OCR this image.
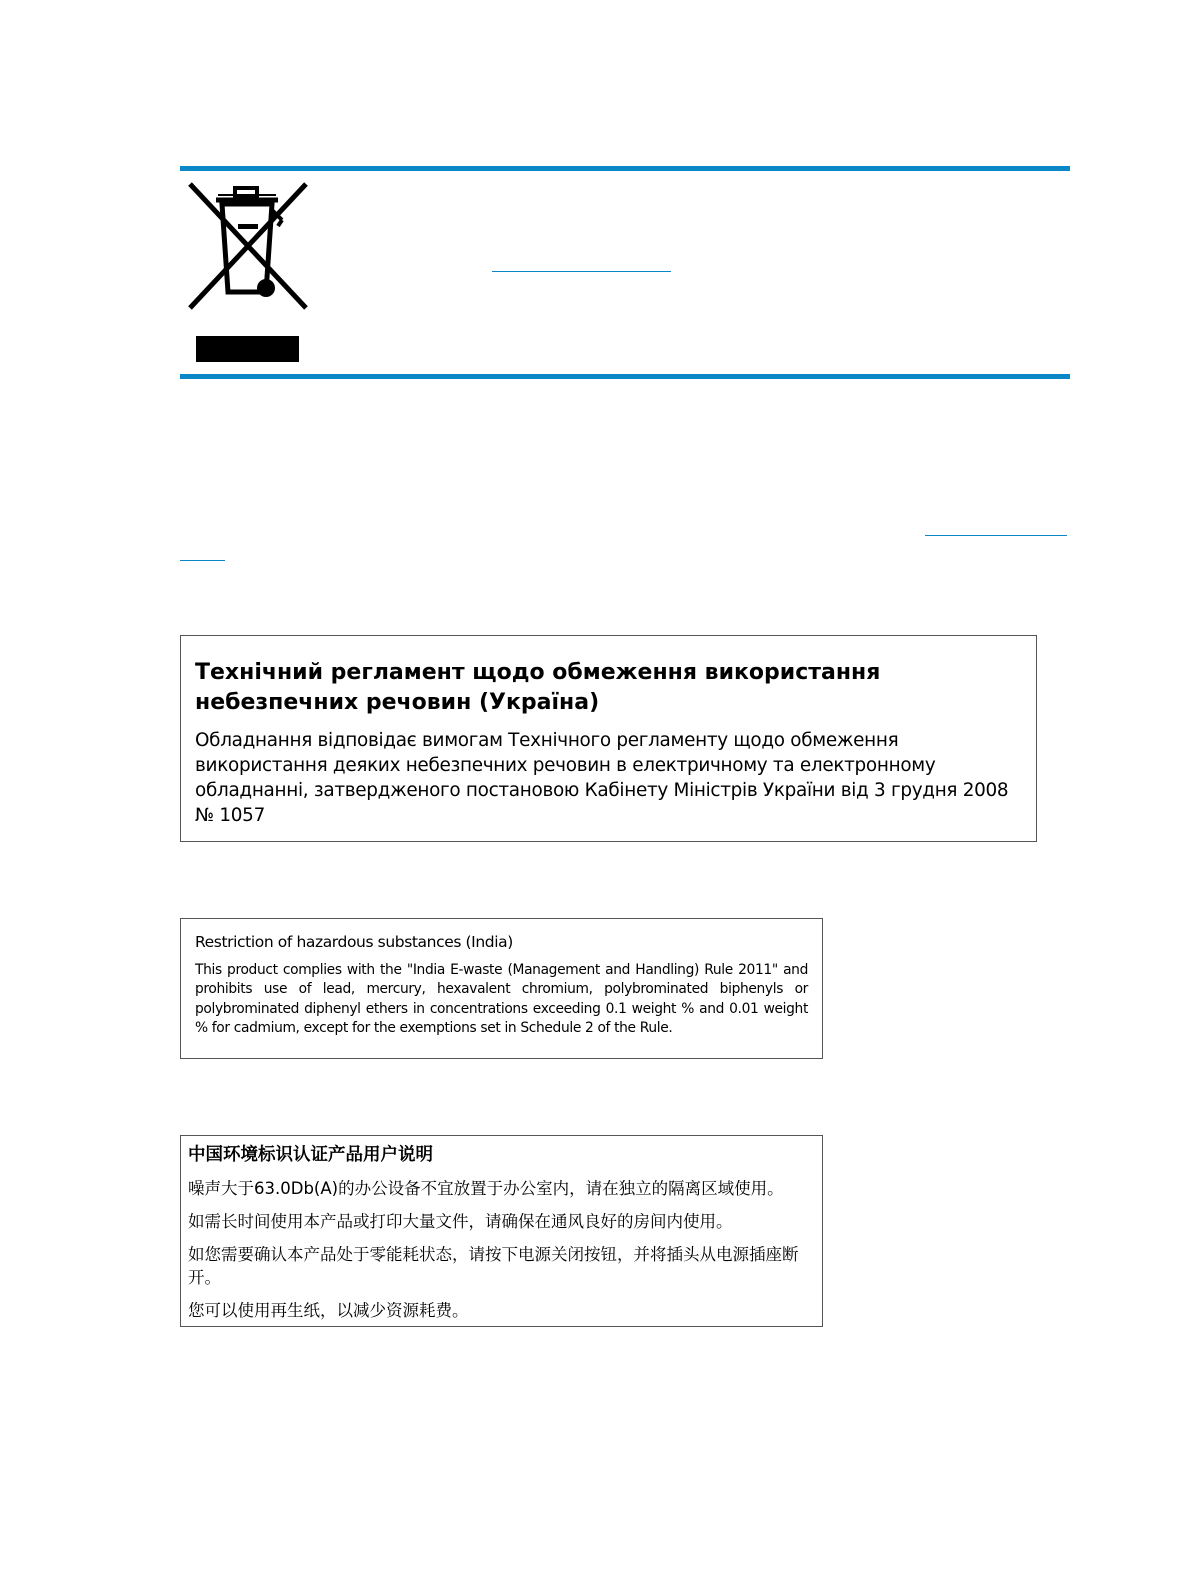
Технічний регламент щодо обмеження використання небезпечних речовин (Україна)

Обладнання відповідає вимогам Технічного регламенту щодо обмеження використання деяких небезпечних речовин в електричному та електронному обладнанні, затвердженого постановою Кабінету Міністрів України від 3 грудня 2008 № 1057

Restriction of hazardous substances (India)

This product complies with the "India E-waste (Management and Handling) Rule 2011" and prohibits use of lead, mercury, hexavalent chromium, polybrominated biphenyls or polybrominated diphenyl ethers in concentrations exceeding 0.1 weight % and 0.01 weight % for cadmium, except for the exemptions set in Schedule 2 of the Rule.

中国环境标识认证产品用户说明

噪声大于63.0Db(A)的办公设备不宜放置于办公室内，请在独立的隔离区域使用。

如需长时间使用本产品或打印大量文件，请确保在通风良好的房间内使用。

如您需要确认本产品处于零能耗状态，请按下电源关闭按钮，并将插头从电源插座断开。

您可以使用再生纸，以减少资源耗费。
